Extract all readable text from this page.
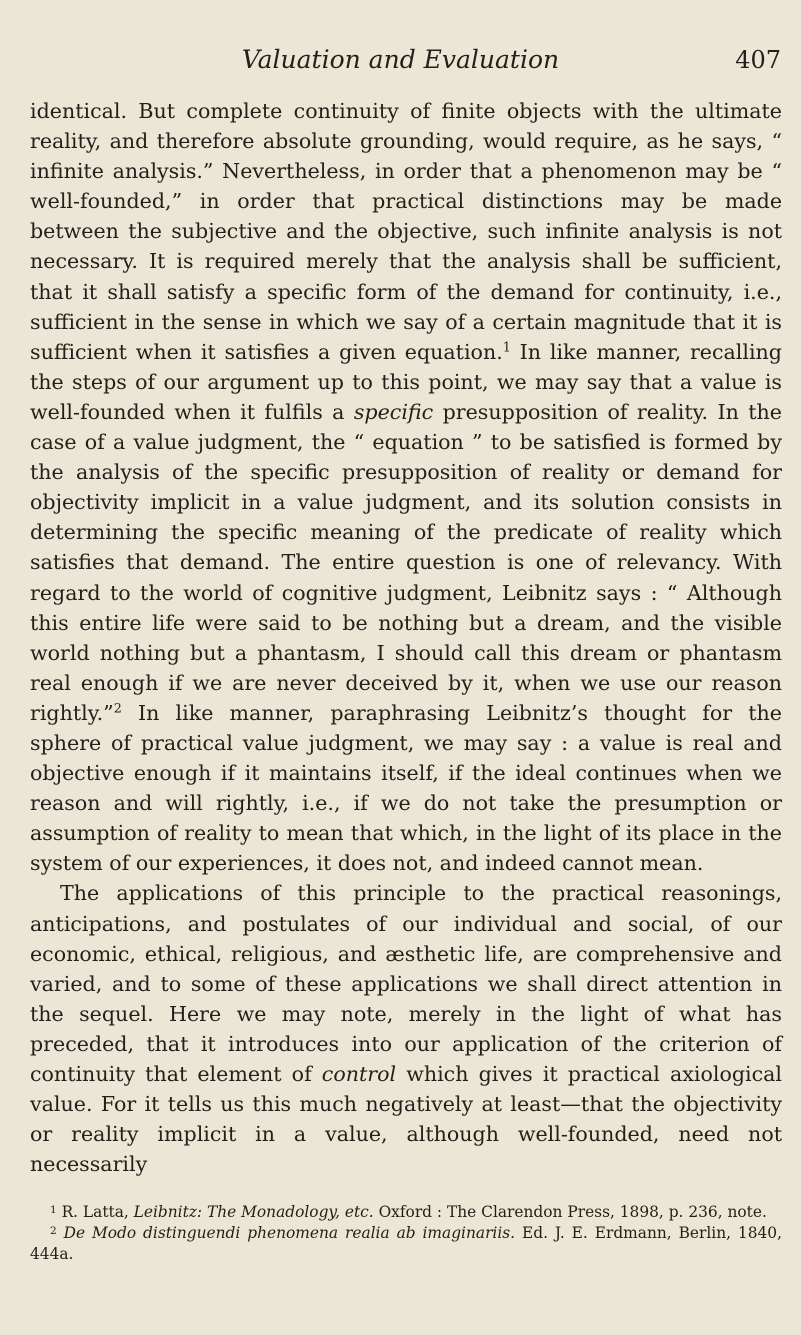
Valuation and Evaluation	407

identical. But complete continuity of finite objects with the ultimate reality, and therefore absolute grounding, would require, as he says, “ infinite analysis.” Nevertheless, in order that a phenomenon may be “ well-founded,” in order that practical distinctions may be made between the subjective and the objective, such infinite analysis is not necessary. It is required merely that the analysis shall be sufficient, that it shall satisfy a specific form of the demand for continuity, i.e., sufficient in the sense in which we say of a certain magnitude that it is sufficient when it satisfies a given equation.$^1$ In like manner, recalling the steps of our argument up to this point, we may say that a value is well-founded when it fulfils a specific presupposition of reality. In the case of a value judgment, the “ equation ” to be satisfied is formed by the analysis of the specific presupposition of reality or demand for objectivity implicit in a value judgment, and its solution consists in determining the specific meaning of the predicate of reality which satisfies that demand. The entire question is one of relevancy. With regard to the world of cognitive judgment, Leibnitz says : “ Although this entire life were said to be nothing but a dream, and the visible world nothing but a phantasm, I should call this dream or phantasm real enough if we are never deceived by it, when we use our reason rightly.”$^2$ In like manner, paraphrasing Leibnitz’s thought for the sphere of practical value judgment, we may say : a value is real and objective enough if it maintains itself, if the ideal continues when we reason and will rightly, i.e., if we do not take the presumption or assumption of reality to mean that which, in the light of its place in the system of our experiences, it does not, and indeed cannot mean.

The applications of this principle to the practical reasonings, anticipations, and postulates of our individual and social, of our economic, ethical, religious, and æsthetic life, are comprehensive and varied, and to some of these applications we shall direct attention in the sequel. Here we may note, merely in the light of what has preceded, that it introduces into our application of the criterion of continuity that element of control which gives it practical axiological value. For it tells us this much negatively at least—that the objectivity or reality implicit in a value, although well-founded, need not necessarily

$^1$ R. Latta, Leibnitz: The Monadology, etc. Oxford : The Clarendon Press, 1898, p. 236, note.

$^2$ De Modo distinguendi phenomena realia ab imaginariis. Ed. J. E. Erdmann, Berlin, 1840, 444a.
